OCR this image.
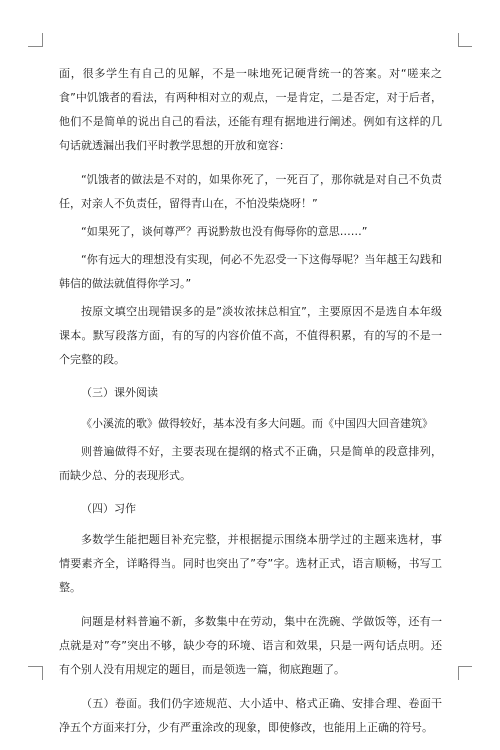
面，很多学生有自己的见解，不是一味地死记硬背统一的答案。对“嗟来之食”中饥饿者的看法，有两种相对立的观点，一是肯定，二是否定，对于后者，他们不是简单的说出自己的看法，还能有理有据地进行阐述。例如有这样的几句话就透漏出我们平时教学思想的开放和宽容：

“饥饿者的做法是不对的，如果你死了，一死百了，那你就是对自己不负责任，对亲人不负责任，留得青山在，不怕没柴烧呀！”

“如果死了，谈何尊严？再说黔敖也没有侮辱你的意思……”

“你有远大的理想没有实现，何必不先忍受一下这侮辱呢？当年越王勾践和韩信的做法就值得你学习。”

按原文填空出现错误多的是”淡妆浓抹总相宜”，主要原因不是选自本年级课本。默写段落方面，有的写的内容价值不高，不值得积累，有的写的不是一个完整的段。

（三）课外阅读

《小溪流的歌》做得较好，基本没有多大问题。而《中国四大回音建筑》

则普遍做得不好，主要表现在提纲的格式不正确，只是简单的段意排列，而缺少总、分的表现形式。

（四）习作

多数学生能把题目补充完整，并根据提示围绕本册学过的主题来选材，事情要素齐全，详略得当。同时也突出了”夸”字。选材正式，语言顺畅，书写工整。

问题是材料普遍不新，多数集中在劳动，集中在洗碗、学做饭等，还有一点就是对”夸”突出不够，缺少夸的环境、语言和效果，只是一两句话点明。还有个别人没有用规定的题目，而是领选一篇，彻底跑题了。

（五）卷面。我们仍字迹规范、大小适中、格式正确、安排合理、卷面干净五个方面来打分，少有严重涂改的现象，即使修改，也能用上正确的符号。
